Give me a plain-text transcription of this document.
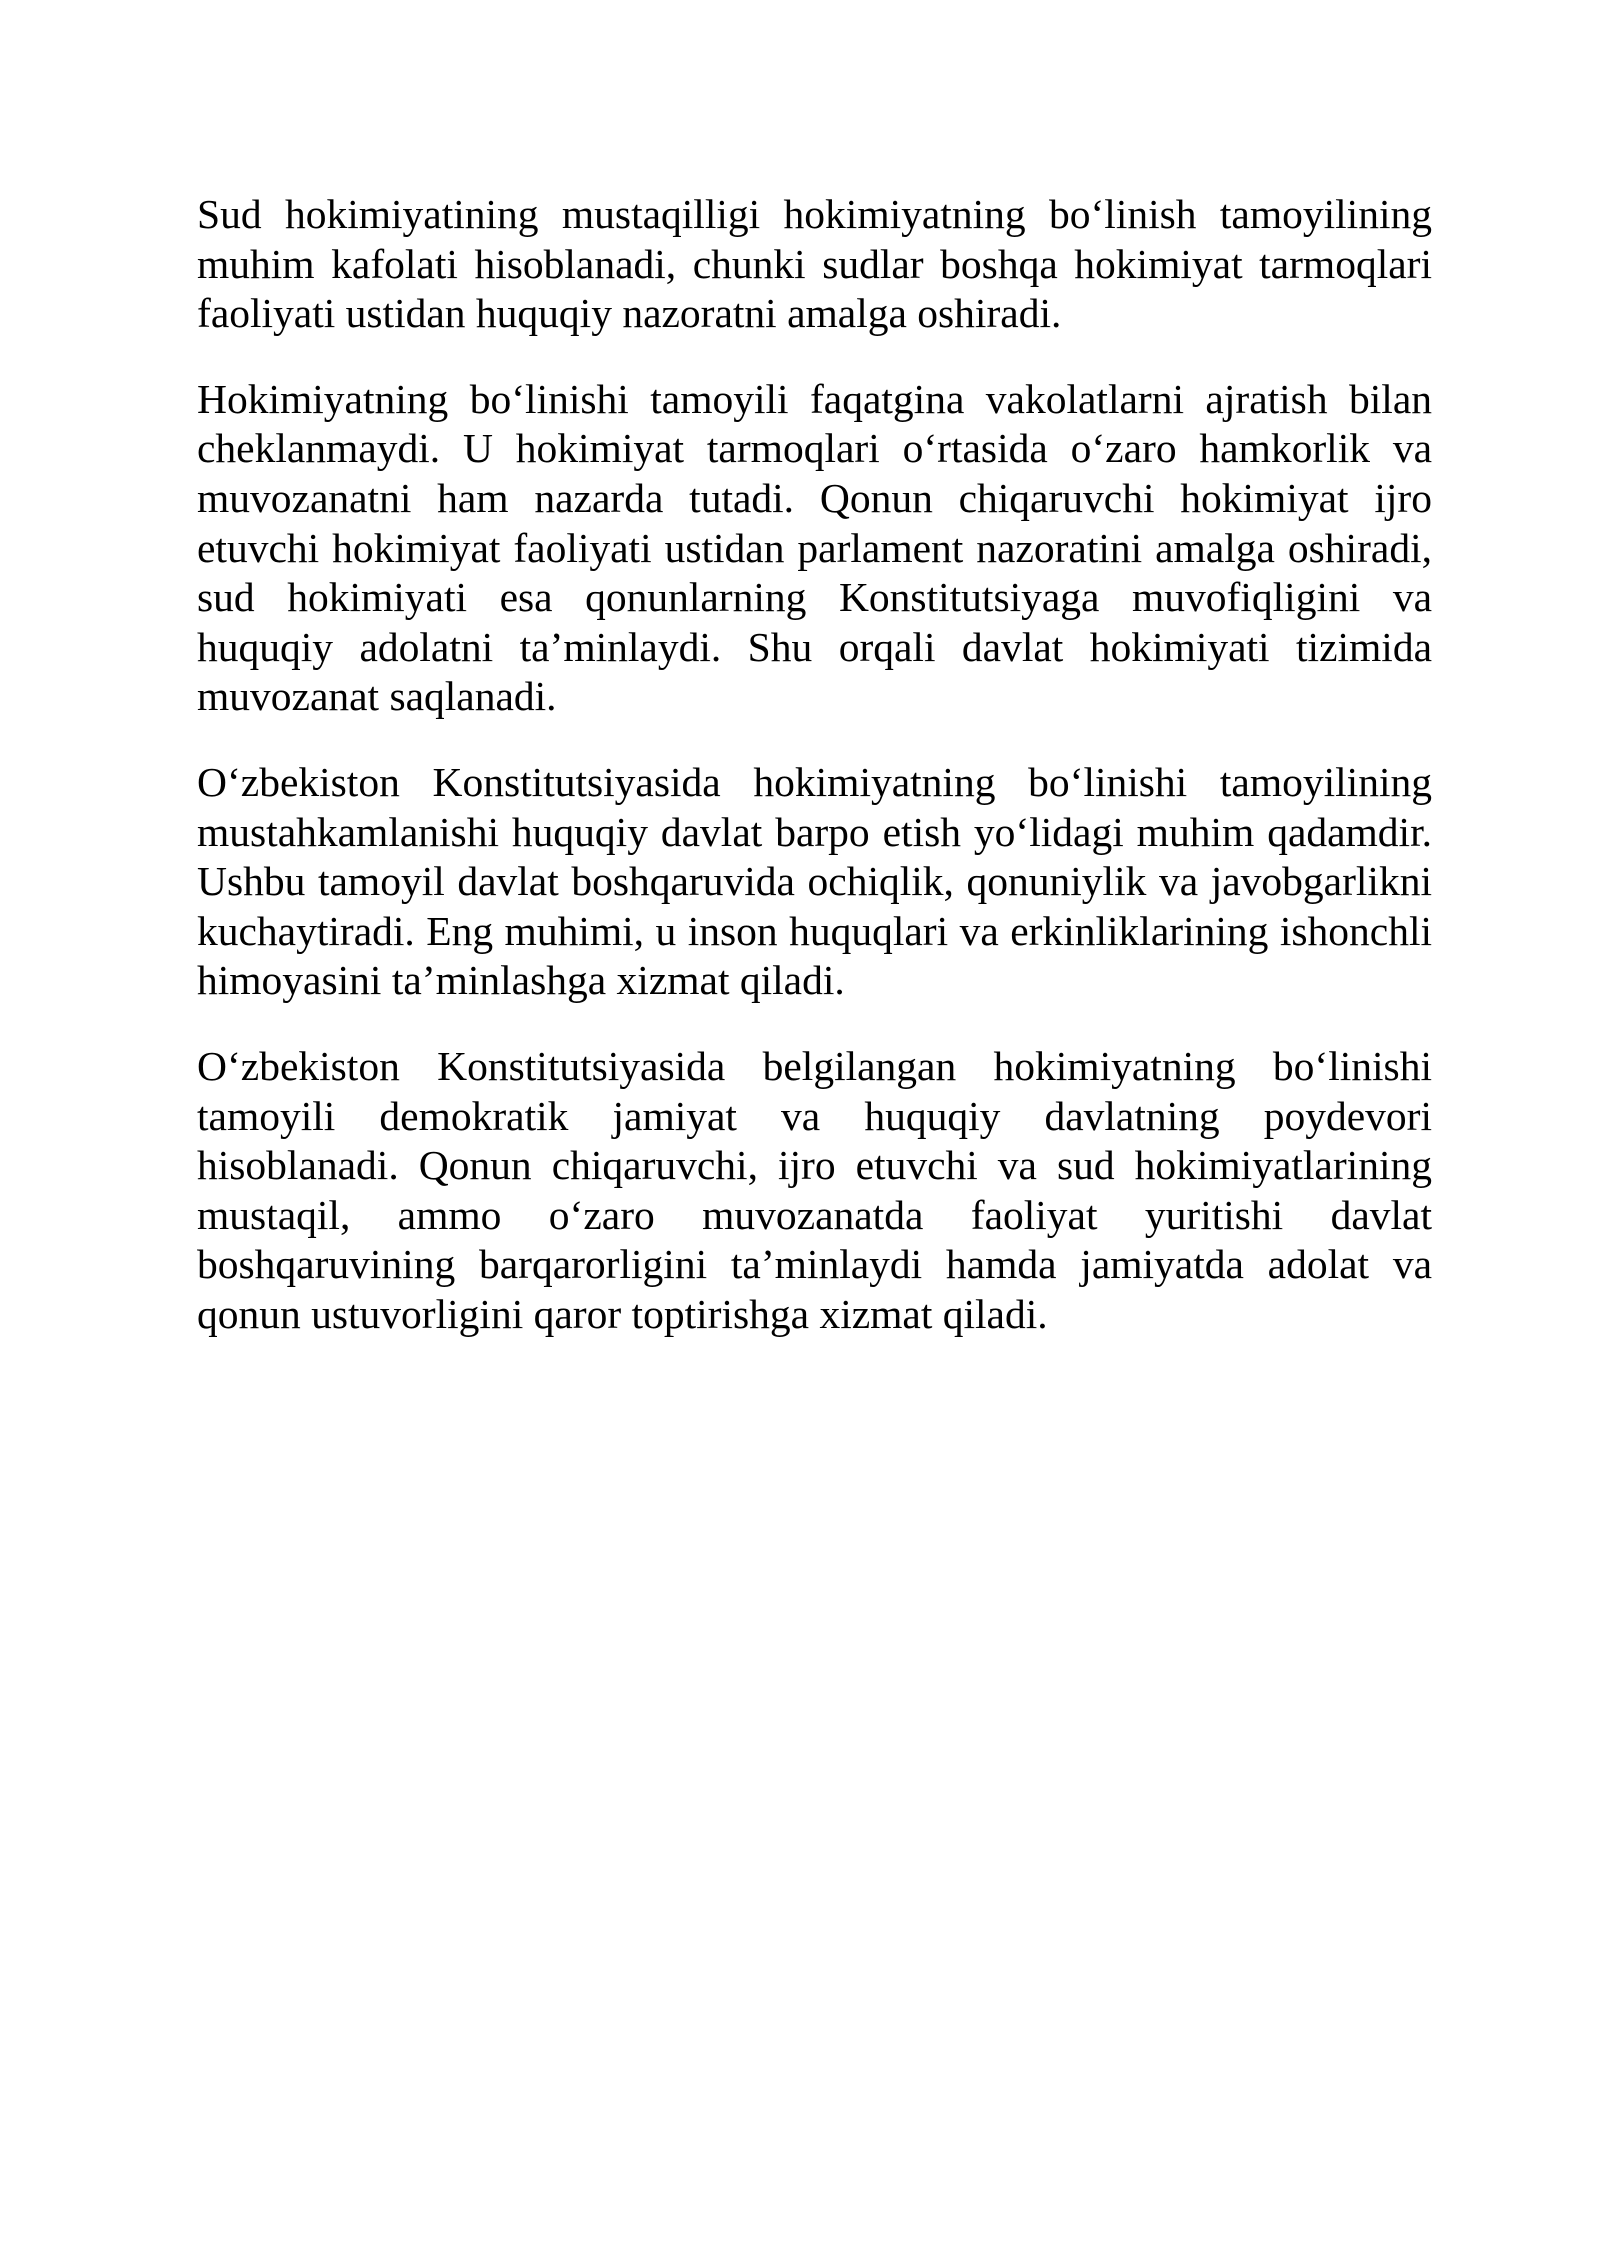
Sud hokimiyatining mustaqilligi hokimiyatning boʻlinish tamoyilining muhim kafolati hisoblanadi, chunki sudlar boshqa hokimiyat tarmoqlari faoliyati ustidan huquqiy nazoratni amalga oshiradi.

Hokimiyatning boʻlinishi tamoyili faqatgina vakolatlarni ajratish bilan cheklanmaydi. U hokimiyat tarmoqlari oʻrtasida oʻzaro hamkorlik va muvozanatni ham nazarda tutadi. Qonun chiqaruvchi hokimiyat ijro etuvchi hokimiyat faoliyati ustidan parlament nazoratini amalga oshiradi, sud hokimiyati esa qonunlarning Konstitutsiyaga muvofiqligini va huquqiy adolatni taʼminlaydi. Shu orqali davlat hokimiyati tizimida muvozanat saqlanadi.

Oʻzbekiston Konstitutsiyasida hokimiyatning boʻlinishi tamoyilining mustahkamlanishi huquqiy davlat barpo etish yoʻlidagi muhim qadamdir. Ushbu tamoyil davlat boshqaruvida ochiqlik, qonuniylik va javobgarlikni kuchaytiradi. Eng muhimi, u inson huquqlari va erkinliklarining ishonchli himoyasini taʼminlashga xizmat qiladi.

Oʻzbekiston Konstitutsiyasida belgilangan hokimiyatning boʻlinishi tamoyili demokratik jamiyat va huquqiy davlatning poydevori hisoblanadi. Qonun chiqaruvchi, ijro etuvchi va sud hokimiyatlarining mustaqil, ammo oʻzaro muvozanatda faoliyat yuritishi davlat boshqaruvining barqarorligini taʼminlaydi hamda jamiyatda adolat va qonun ustuvorligini qaror toptirishga xizmat qiladi.
